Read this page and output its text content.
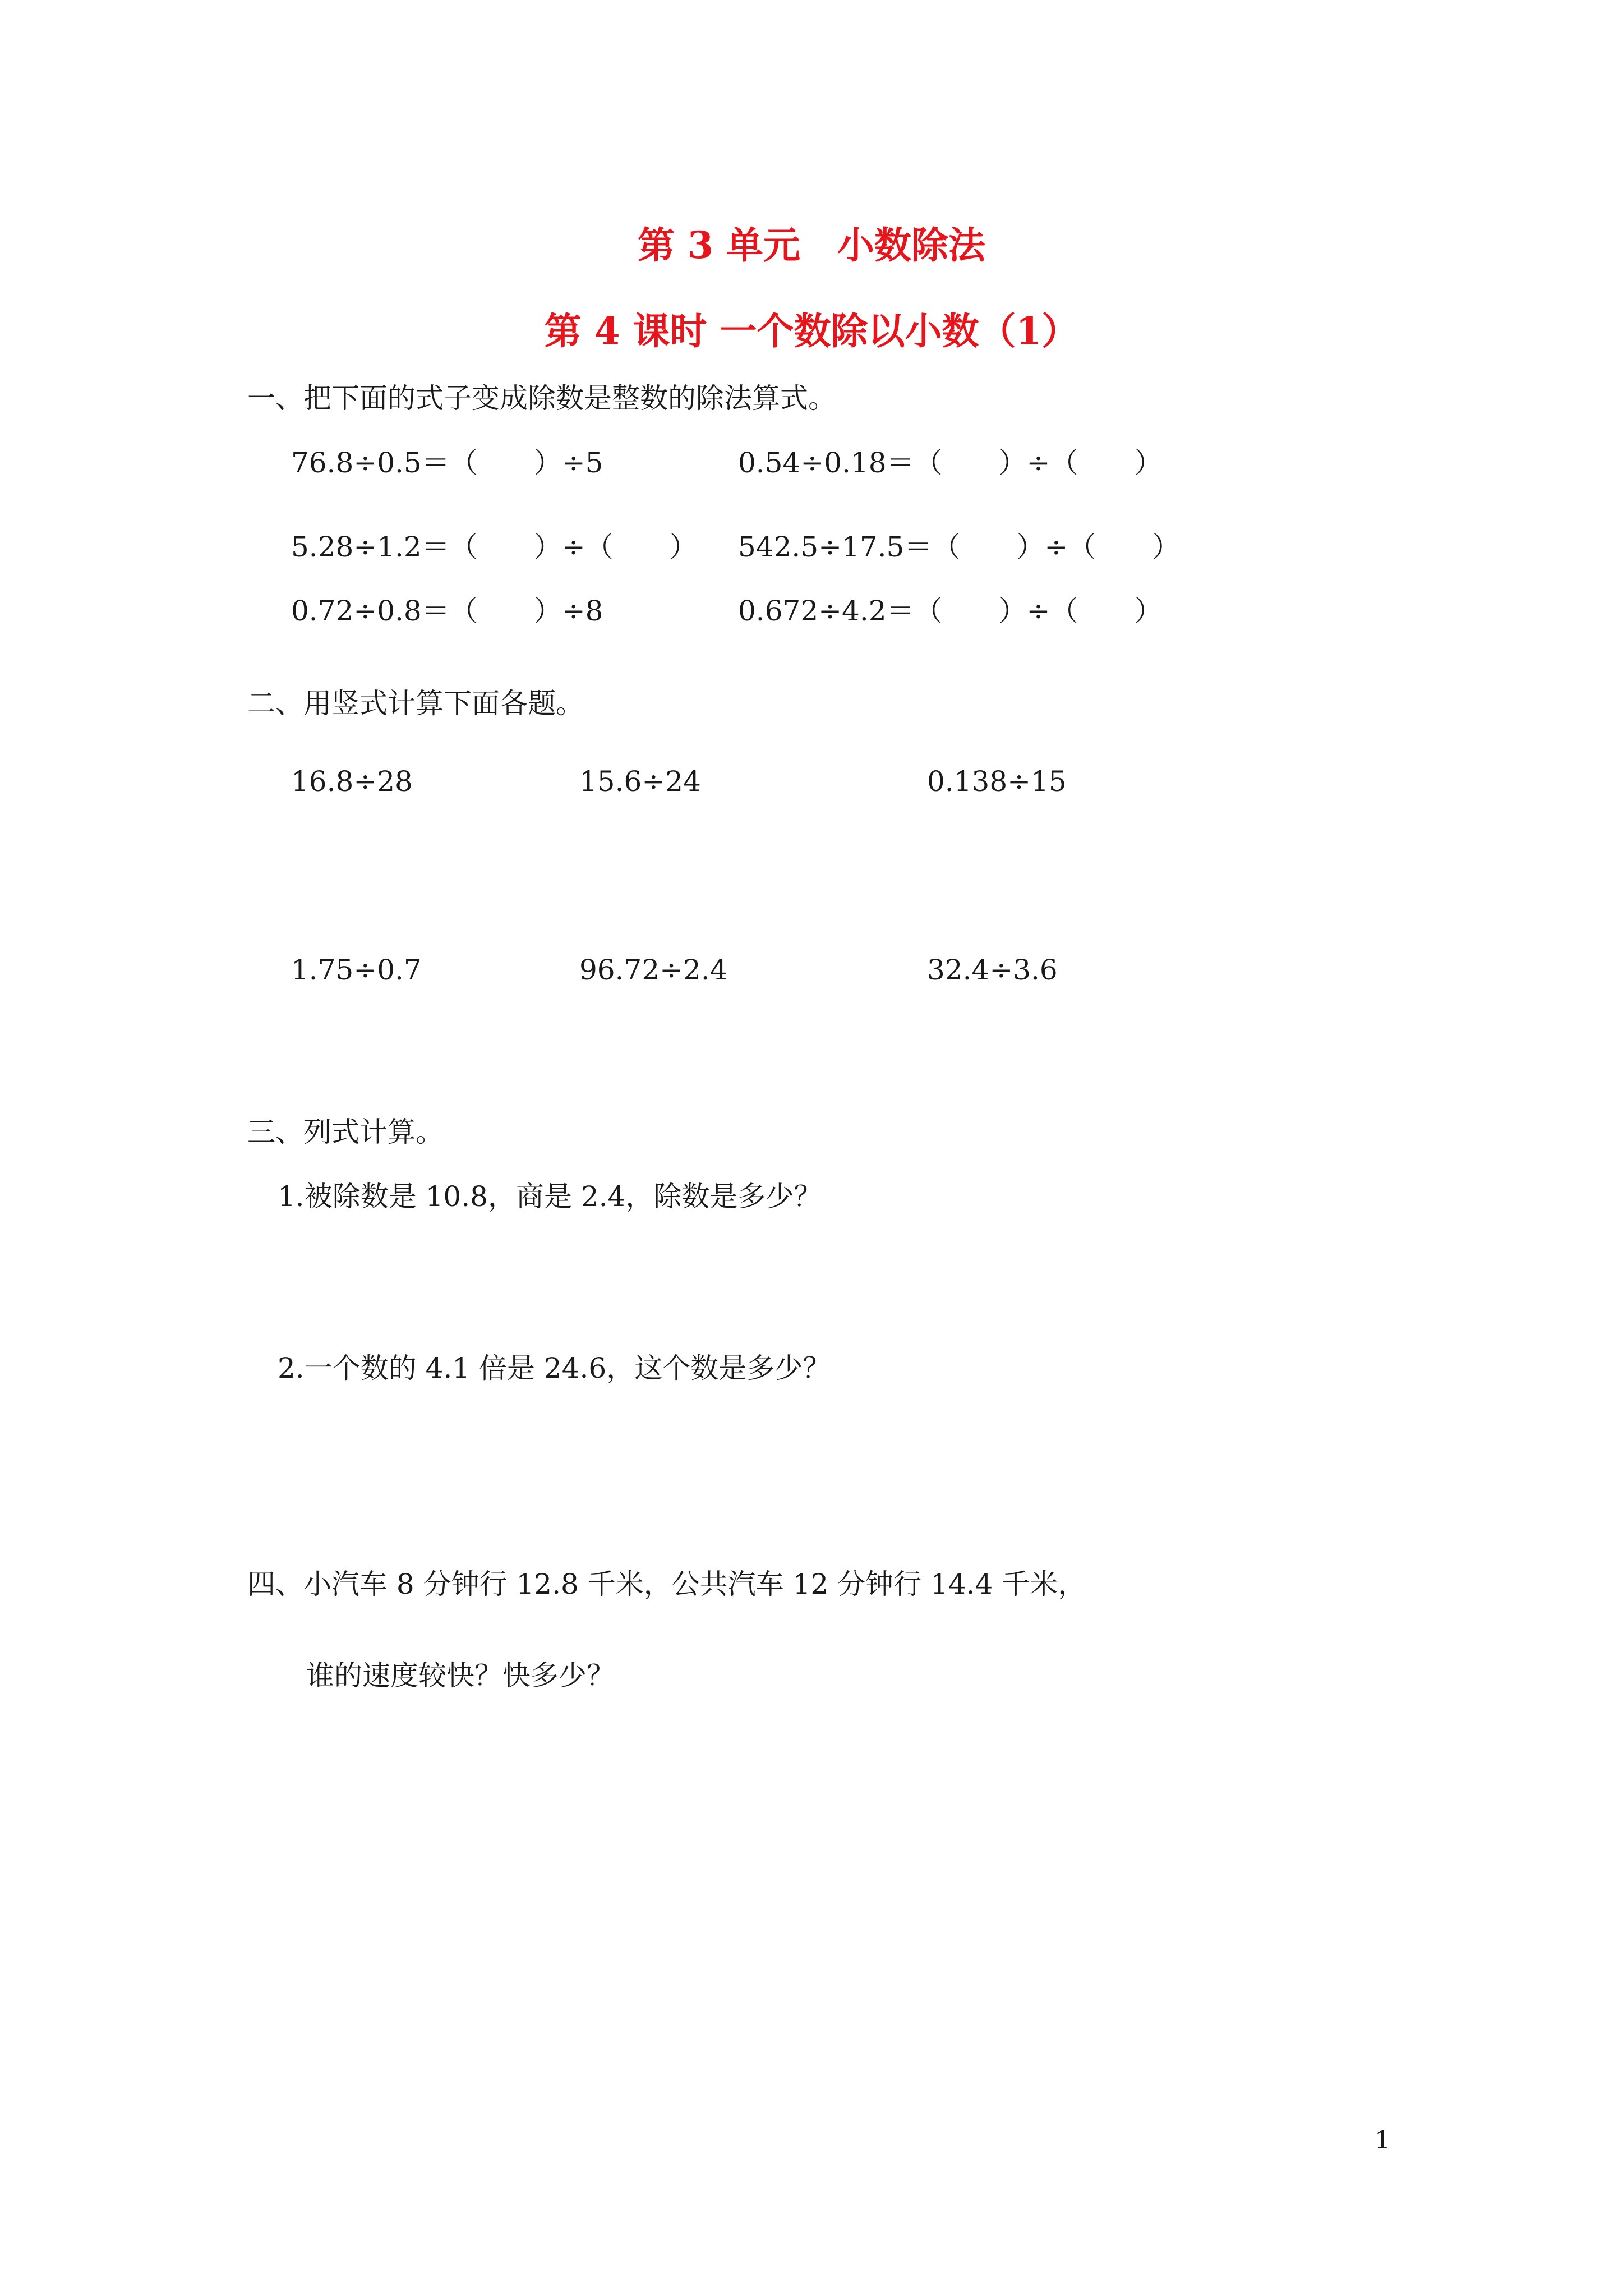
第 3 单元　小数除法
第 4 课时 一个数除以小数（1）
一、把下面的式子变成除数是整数的除法算式。
76.8÷0.5＝（　　）÷5	0.54÷0.18＝（　　）÷（　　）
5.28÷1.2＝（　　）÷（　　） 542.5÷17.5＝（　　）÷（　　）
0.72÷0.8＝（　　）÷8	0.672÷4.2＝（　　）÷（　　）
二、用竖式计算下面各题。
16.8÷28	15.6÷24	0.138÷15
1.75÷0.7	96.72÷2.4	32.4÷3.6
三、列式计算。
1.被除数是 10.8，商是 2.4，除数是多少？
2.一个数的 4.1 倍是 24.6，这个数是多少？
四、小汽车 8 分钟行 12.8 千米，公共汽车 12 分钟行 14.4 千米，
谁的速度较快？快多少？
1
